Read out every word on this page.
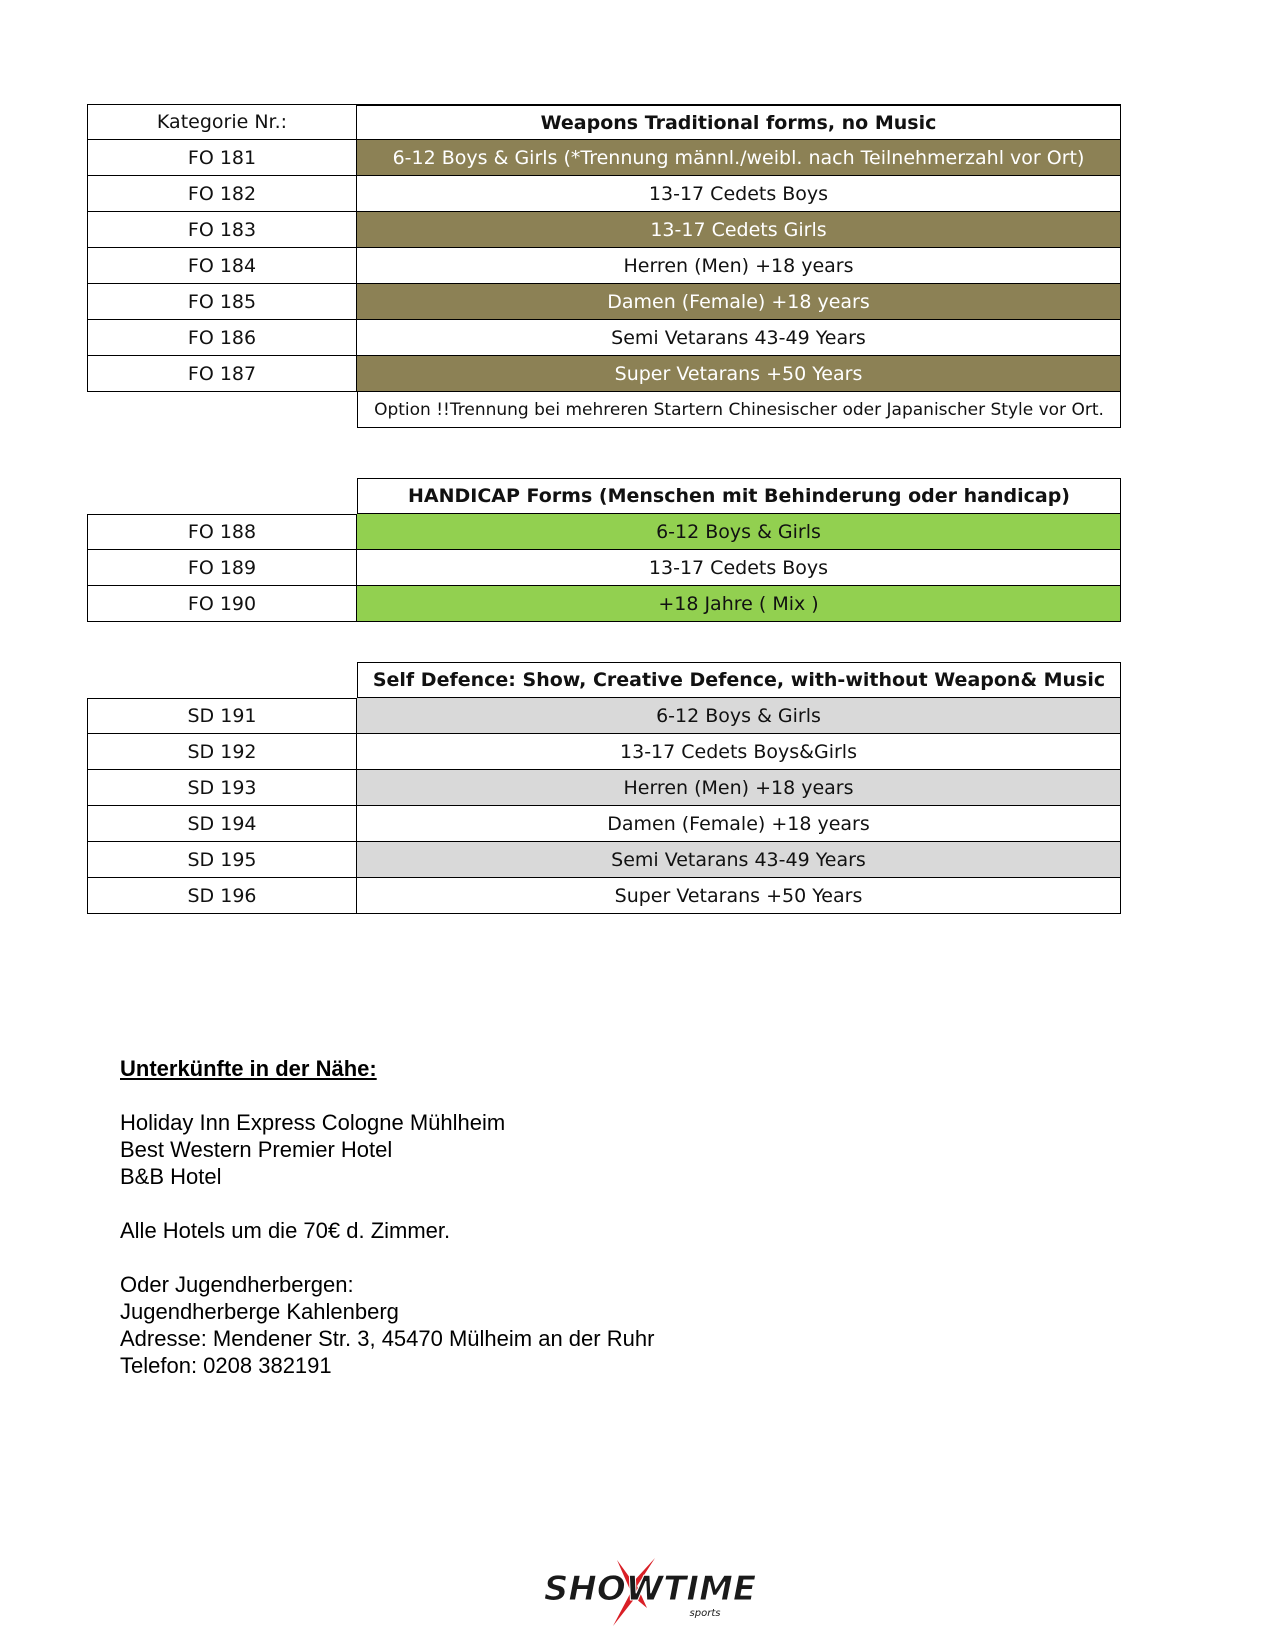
Kategorie Nr.:	Weapons Traditional forms, no Music
FO 181	6-12 Boys & Girls (*Trennung männl./weibl. nach Teilnehmerzahl vor Ort)
FO 182	13-17 Cedets Boys
FO 183	13-17 Cedets Girls
FO 184	Herren (Men) +18 years
FO 185	Damen (Female) +18 years
FO 186	Semi Vetarans 43-49 Years
FO 187	Super Vetarans +50 Years
Option !!Trennung bei mehreren Startern Chinesischer oder Japanischer Style vor Ort.
HANDICAP Forms (Menschen mit Behinderung oder handicap)
FO 188	6-12 Boys & Girls
FO 189	13-17 Cedets Boys
FO 190	+18 Jahre ( Mix )
Self Defence: Show, Creative Defence, with-without Weapon& Music
SD 191	6-12 Boys & Girls
SD 192	13-17 Cedets Boys&Girls
SD 193	Herren (Men) +18 years
SD 194	Damen (Female) +18 years
SD 195	Semi Vetarans 43-49 Years
SD 196	Super Vetarans +50 Years
Unterkünfte in der Nähe:
Holiday Inn Express Cologne Mühlheim
Best Western Premier Hotel
B&B Hotel
Alle Hotels um die 70€ d. Zimmer.
Oder Jugendherbergen:
Jugendherberge Kahlenberg
Adresse: Mendener Str. 3, 45470 Mülheim an der Ruhr
Telefon: 0208 382191
SHOWTIME
sports
